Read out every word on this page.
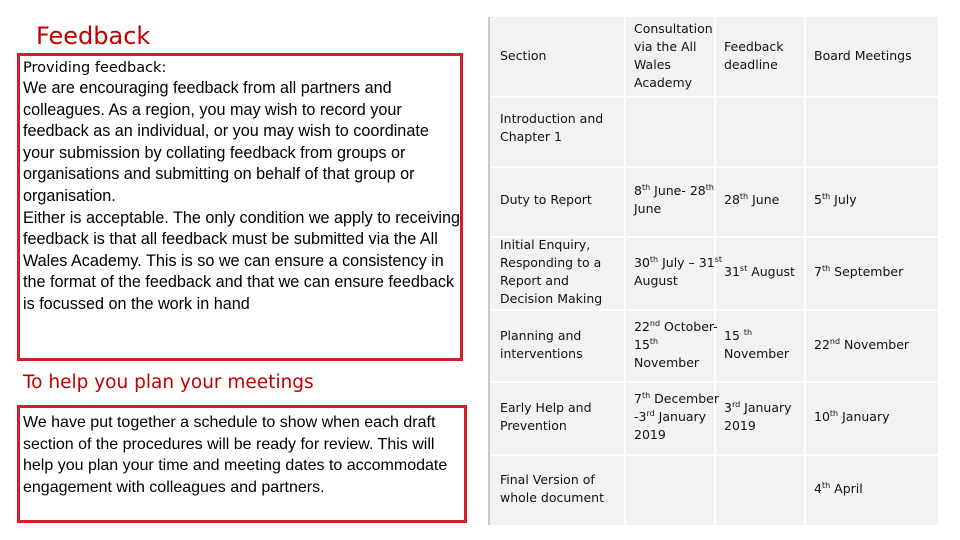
Feedback
Providing feedback:

We are encouraging feedback from all partners and colleagues. As a region, you may wish to record your feedback as an individual, or you may wish to coordinate your submission by collating feedback from groups or organisations and submitting on behalf of that group or organisation.

Either is acceptable. The only condition we apply to receiving feedback is that all feedback must be submitted via the All Wales Academy. This is so we can ensure a consistency in the format of the feedback and that we can ensure feedback is focussed on the work in hand

To help you plan your meetings
We have put together a schedule to show when each draft section of the procedures will be ready for review. This will help you plan your time and meeting dates to accommodate engagement with colleagues and partners.
Section
Consultation via the All Wales Academy
Feedback deadline
Board Meetings
Introduction and Chapter 1
Duty to Report
8th June- 28th June
28th June	5th July
Initial Enquiry, Responding to a Report and Decision Making
30th July – 31st August
31st August	7th September
Planning and interventions
22nd October- 15th November
15 $^{th}$ November
22nd November
Early Help and Prevention
7th December -3rd January 2019
3rd January 2019
10th January
Final Version of whole document
4th April
